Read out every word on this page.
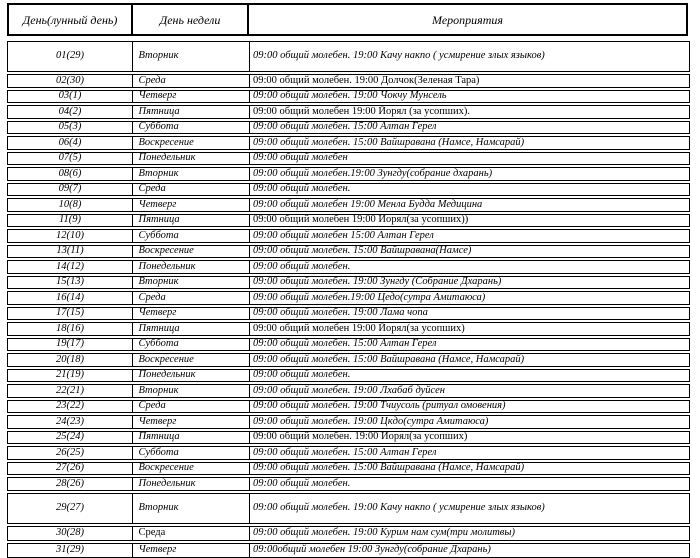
День(лунный день)	День недели	Мероприятия
01(29)	Вторник	09:00 общий молебен. 19:00 Качу накпо ( усмирение злых языков)
02(30)	Среда	09:00 общий молебен. 19:00 Долчок(Зеленая Тара)
03(1)	Четверг	09:00 общий молебен. 19:00 Чокчу Мунсель
04(2)	Пятница	09:00 общий молебен 19:00 Йорял (за усопших).
05(3)	Суббота	09:00 общий молебен. 15:00 Алтан Герел
06(4)	Воскресение	09:00 общий молебен. 15:00 Вайшравана (Намсе, Намсарай)
07(5)	Понедельник	09:00 общий молебен
08(6)	Вторник	09:00 общий молебен.19:00 Зунгду(собрание дхарань)
09(7)	Среда	09:00 общий молебен.
10(8)	Четверг	09:00 общий молебен 19:00 Менла Будда Медицина
11(9)	Пятница	09:00 общий молебен 19:00 Йорял(за усопших))
12(10)	Суббота	09:00 общий молебен 15:00 Алтан Герел
13(11)	Воскресение	09:00 общий молебен. 15:00 Вайшравана(Намсе)
14(12)	Понедельник	09:00 общий молебен.
15(13)	Вторник	09:00 общий молебен. 19:00 Зунгду (Собрание Дхарань)
16(14)	Среда	09:00 общий молебен.19:00 Цедо(сутра Амитаюса)
17(15)	Четверг	09:00 общий молебен. 19:00 Лама чопа
18(16)	Пятница	09:00 общий молебен 19:00 Йорял(за усопших)
19(17)	Суббота	09:00 общий молебен. 15:00 Алтан Герел
20(18)	Воскресение	09:00 общий молебен. 15:00 Вайшравана (Намсе, Намсарай)
21(19)	Понедельник	09:00 общий молебен.
22(21)	Вторник	09:00 общий молебен. 19:00 Лхабаб дуйсен
23(22)	Среда	09:00 общий молебен. 19:00 Тчиусоль (ритуал омовения)
24(23)	Четверг	09:00 общий молебен. 19:00 Цкдо(сутра Амитаюса)
25(24)	Пятница	09:00 общий молебен. 19:00 Йорял(за усопших)
26(25)	Суббота	09:00 общий молебен. 15:00 Алтан Герел
27(26)	Воскресение	09:00 общий молебен. 15:00 Вайшравана (Намсе, Намсарай)
28(26)	Понедельник	09:00 общий молебен.
29(27)	Вторник	09:00 общий молебен. 19:00 Качу накпо ( усмирение злых языков)
30(28)	Среда	09:00 общий молебен. 19:00 Курим нам сум(три молитвы)
31(29)	Четверг	09:00общий молебен 19:00 Зунгду(собрание Дхарань)
